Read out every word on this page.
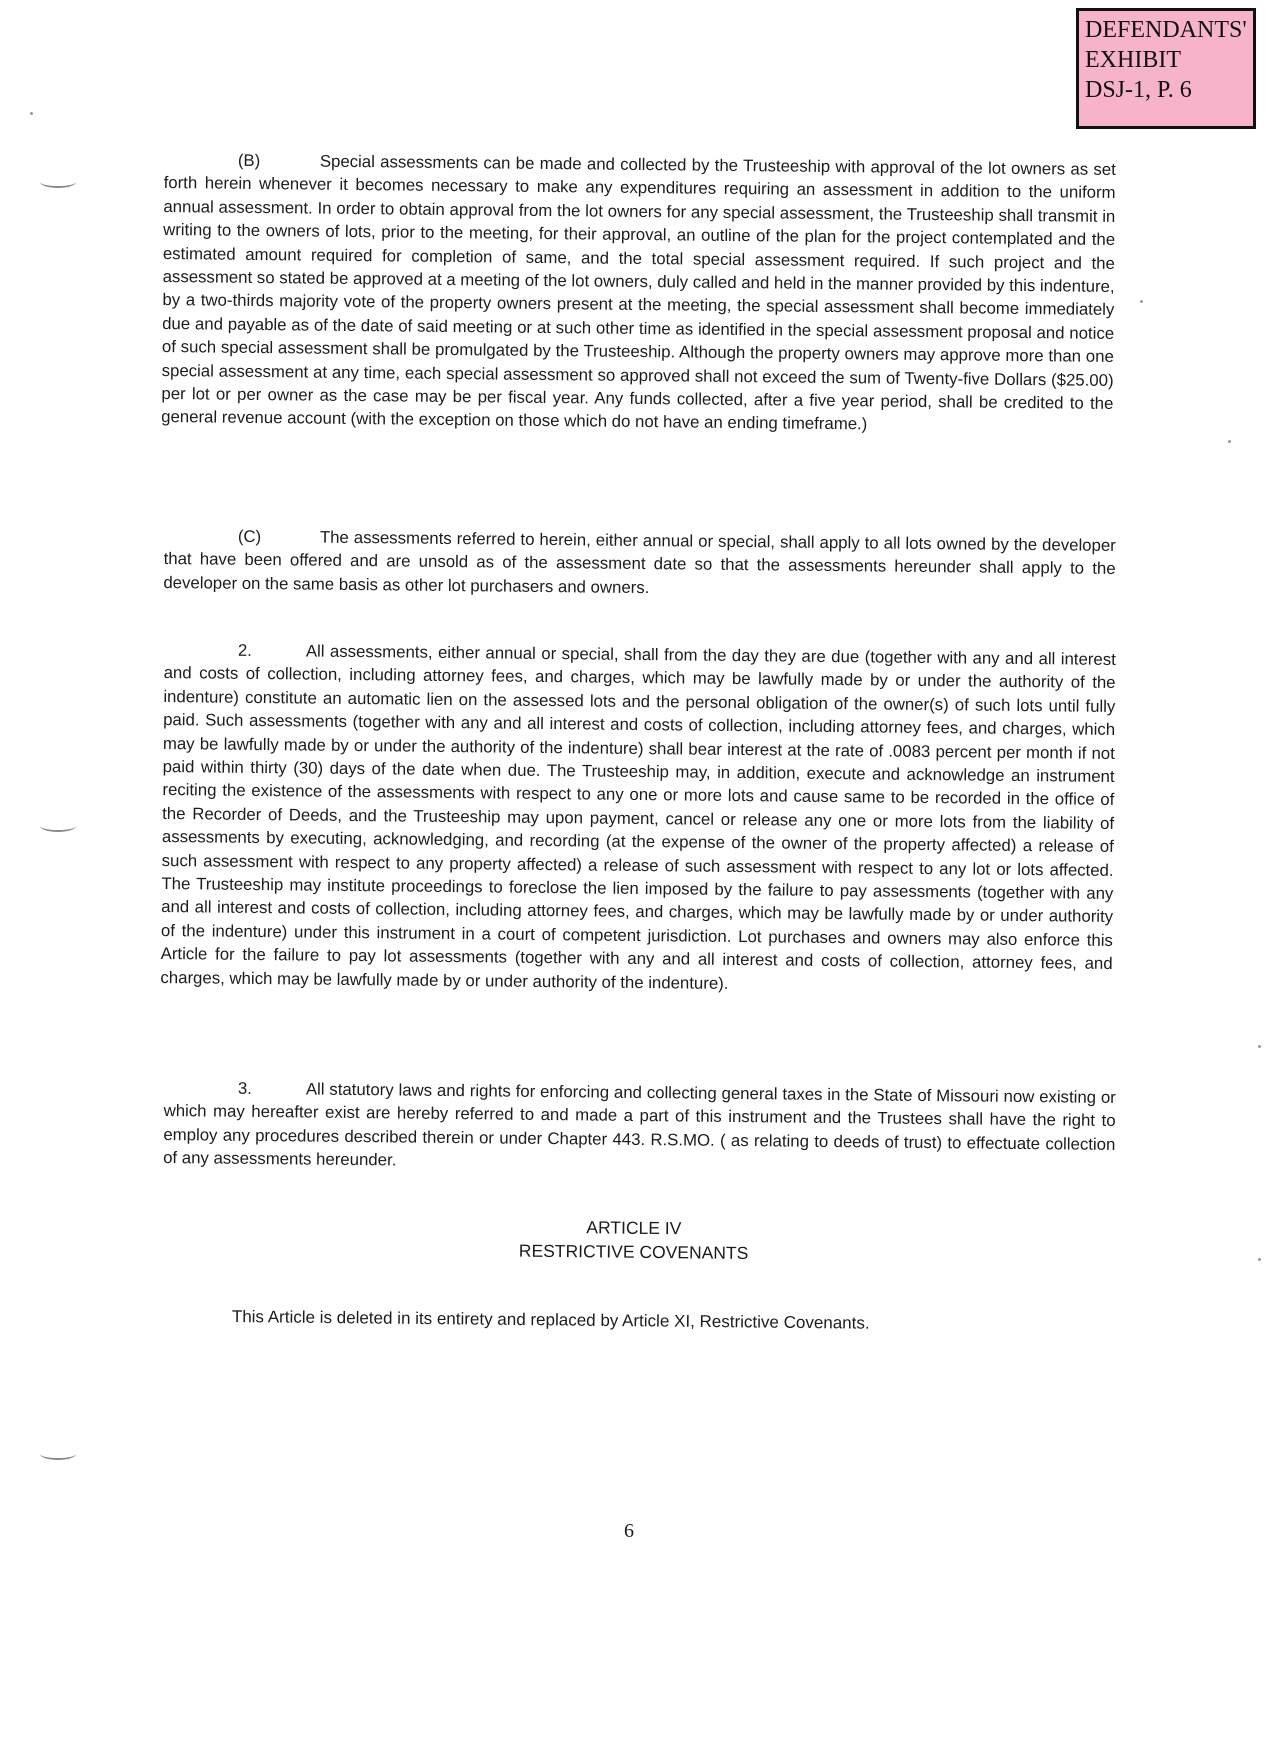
DEFENDANTS'
EXHIBIT
DSJ-1, P. 6

(B)	Special assessments can be made and collected by the Trusteeship with approval of the lot owners as set forth herein whenever it becomes necessary to make any expenditures requiring an assessment in addition to the uniform annual assessment. In order to obtain approval from the lot owners for any special assessment, the Trusteeship shall transmit in writing to the owners of lots, prior to the meeting, for their approval, an outline of the plan for the project contemplated and the estimated amount required for completion of same, and the total special assessment required. If such project and the assessment so stated be approved at a meeting of the lot owners, duly called and held in the manner provided by this indenture, by a two-thirds majority vote of the property owners present at the meeting, the special assessment shall become immediately due and payable as of the date of said meeting or at such other time as identified in the special assessment proposal and notice of such special assessment shall be promulgated by the Trusteeship. Although the property owners may approve more than one special assessment at any time, each special assessment so approved shall not exceed the sum of Twenty-five Dollars ($25.00) per lot or per owner as the case may be per fiscal year. Any funds collected, after a five year period, shall be credited to the general revenue account (with the exception on those which do not have an ending timeframe.)

(C)	The assessments referred to herein, either annual or special, shall apply to all lots owned by the developer that have been offered and are unsold as of the assessment date so that the assessments hereunder shall apply to the developer on the same basis as other lot purchasers and owners.

2.	All assessments, either annual or special, shall from the day they are due (together with any and all interest and costs of collection, including attorney fees, and charges, which may be lawfully made by or under the authority of the indenture) constitute an automatic lien on the assessed lots and the personal obligation of the owner(s) of such lots until fully paid. Such assessments (together with any and all interest and costs of collection, including attorney fees, and charges, which may be lawfully made by or under the authority of the indenture) shall bear interest at the rate of .0083 percent per month if not paid within thirty (30) days of the date when due. The Trusteeship may, in addition, execute and acknowledge an instrument reciting the existence of the assessments with respect to any one or more lots and cause same to be recorded in the office of the Recorder of Deeds, and the Trusteeship may upon payment, cancel or release any one or more lots from the liability of assessments by executing, acknowledging, and recording (at the expense of the owner of the property affected) a release of such assessment with respect to any property affected) a release of such assessment with respect to any lot or lots affected. The Trusteeship may institute proceedings to foreclose the lien imposed by the failure to pay assessments (together with any and all interest and costs of collection, including attorney fees, and charges, which may be lawfully made by or under authority of the indenture) under this instrument in a court of competent jurisdiction. Lot purchases and owners may also enforce this Article for the failure to pay lot assessments (together with any and all interest and costs of collection, attorney fees, and charges, which may be lawfully made by or under authority of the indenture).

3.	All statutory laws and rights for enforcing and collecting general taxes in the State of Missouri now existing or which may hereafter exist are hereby referred to and made a part of this instrument and the Trustees shall have the right to employ any procedures described therein or under Chapter 443. R.S.MO. ( as relating to deeds of trust) to effectuate collection of any assessments hereunder.

ARTICLE IV
RESTRICTIVE COVENANTS
This Article is deleted in its entirety and replaced by Article XI, Restrictive Covenants.
6
